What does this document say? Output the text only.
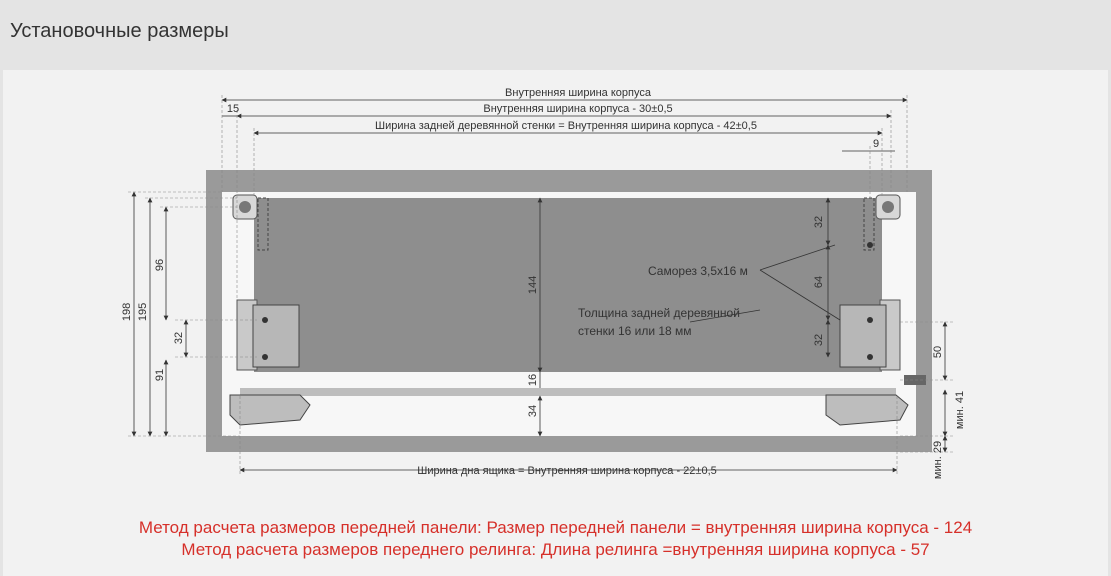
Установочные размеры
Внутренняя ширина корпуса
Внутренняя ширина корпуса - 30±0,5
Ширина задней деревянной стенки = Внутренняя ширина корпуса - 42±0,5
15
9
Ширина дна ящика = Внутренняя ширина корпуса - 22±0,5
198 195
96
91
32
144
16
34
32
64
32
50
мин. 41
мин. 29
Саморез 3,5x16 м
Толщина задней деревянной
стенки 16 или 18 мм
Метод расчета размеров передней панели: Размер передней панели = внутренняя ширина корпуса - 124
Метод расчета размеров переднего релинга: Длина релинга =внутренняя ширина корпуса - 57
